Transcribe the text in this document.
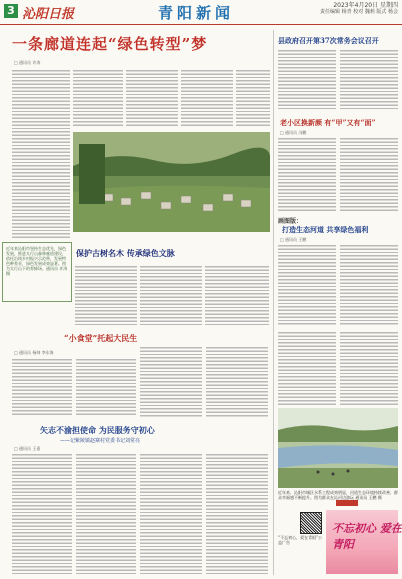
3 沁阳日报	青阳新闻	2023年4月20日 星期四
责任编辑 杨青 校对 魏莉 版式 杨会
一条廊道连起“绿色转型”梦
□ 通讯员 许涛
近年来沁阳市坚持生态优先，绿色发展，推进太行山森林廊道建设，依托沿线乡村振兴示范带，发展特色种养业，绿色发展成效显著。图为太行山下的养蜂场。通讯员 许涛 摄
保护古树名木 传承绿色文脉
“小食堂”托起大民生
□ 通讯员 杨帅 李东海
矢志不渝担使命 为民服务守初心
——记紫陵镇赵寨村党委书记刘常亮
□ 通讯员 王嘉
县政府召开第37次常务会议召开
老小区换新颜 有“甲”又有“面”
□ 通讯员 冯鹏
画图版：
打造生态河道 共享绿色福利
□ 通讯员 王鹏
近年来，沁阳市城区水系工程成效明显，河道生态环境持续改善，群众幸福感不断提升。图为群众在沁河边游玩 通讯员 王鹏 摄
不忘初心 爱在青阳
“不忘初心，爱在青阳”公益广告
